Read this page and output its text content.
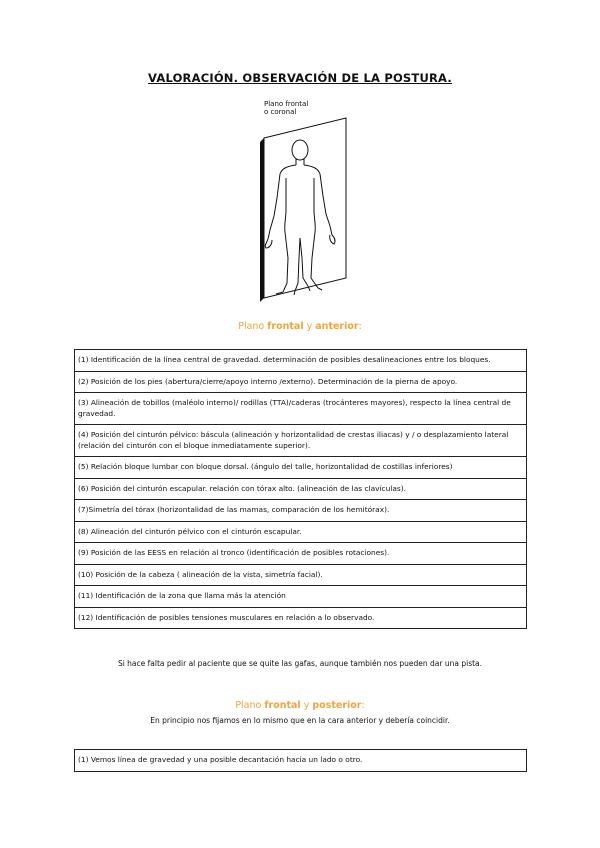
VALORACIÓN. OBSERVACIÓN DE LA POSTURA.
Plano frontal
o coronal
Plano frontal y anterior:
(1) Identificación de la línea central de gravedad. determinación de posibles desalineaciones entre los bloques.
(2) Posición de los pies (abertura/cierre/apoyo interno /externo). Determinación de la pierna de apoyo.
(3) Alineación de tobillos (maléolo interno)/ rodillas (TTA)/caderas (trocánteres mayores), respecto la línea central de gravedad.
(4) Posición del cinturón pélvico: báscula (alineación y horizontalidad de crestas iliacas) y / o desplazamiento lateral (relación del cinturón con el bloque inmediatamente superior).
(5) Relación bloque lumbar con bloque dorsal. (ángulo del talle, horizontalidad de costillas inferiores)
(6) Posición del cinturón escapular. relación con tórax alto. (alineación de las clavículas).
(7)Simetría del tórax (horizontalidad de las mamas, comparación de los hemitórax).
(8) Alineación del cinturón pélvico con el cinturón escapular.
(9) Posición de las EESS en relación al tronco (identificación de posibles rotaciones).
(10) Posición de la cabeza ( alineación de la vista, simetría facial).
(11) Identificación de la zona que llama más la atención
(12) Identificación de posibles tensiones musculares en relación a lo observado.
Si hace falta pedir al paciente que se quite las gafas, aunque también nos pueden dar una pista.
Plano frontal y posterior:
En principio nos fijamos en lo mismo que en la cara anterior y debería coincidir.
(1) Vemos línea de gravedad y una posible decantación hacia un lado o otro.
